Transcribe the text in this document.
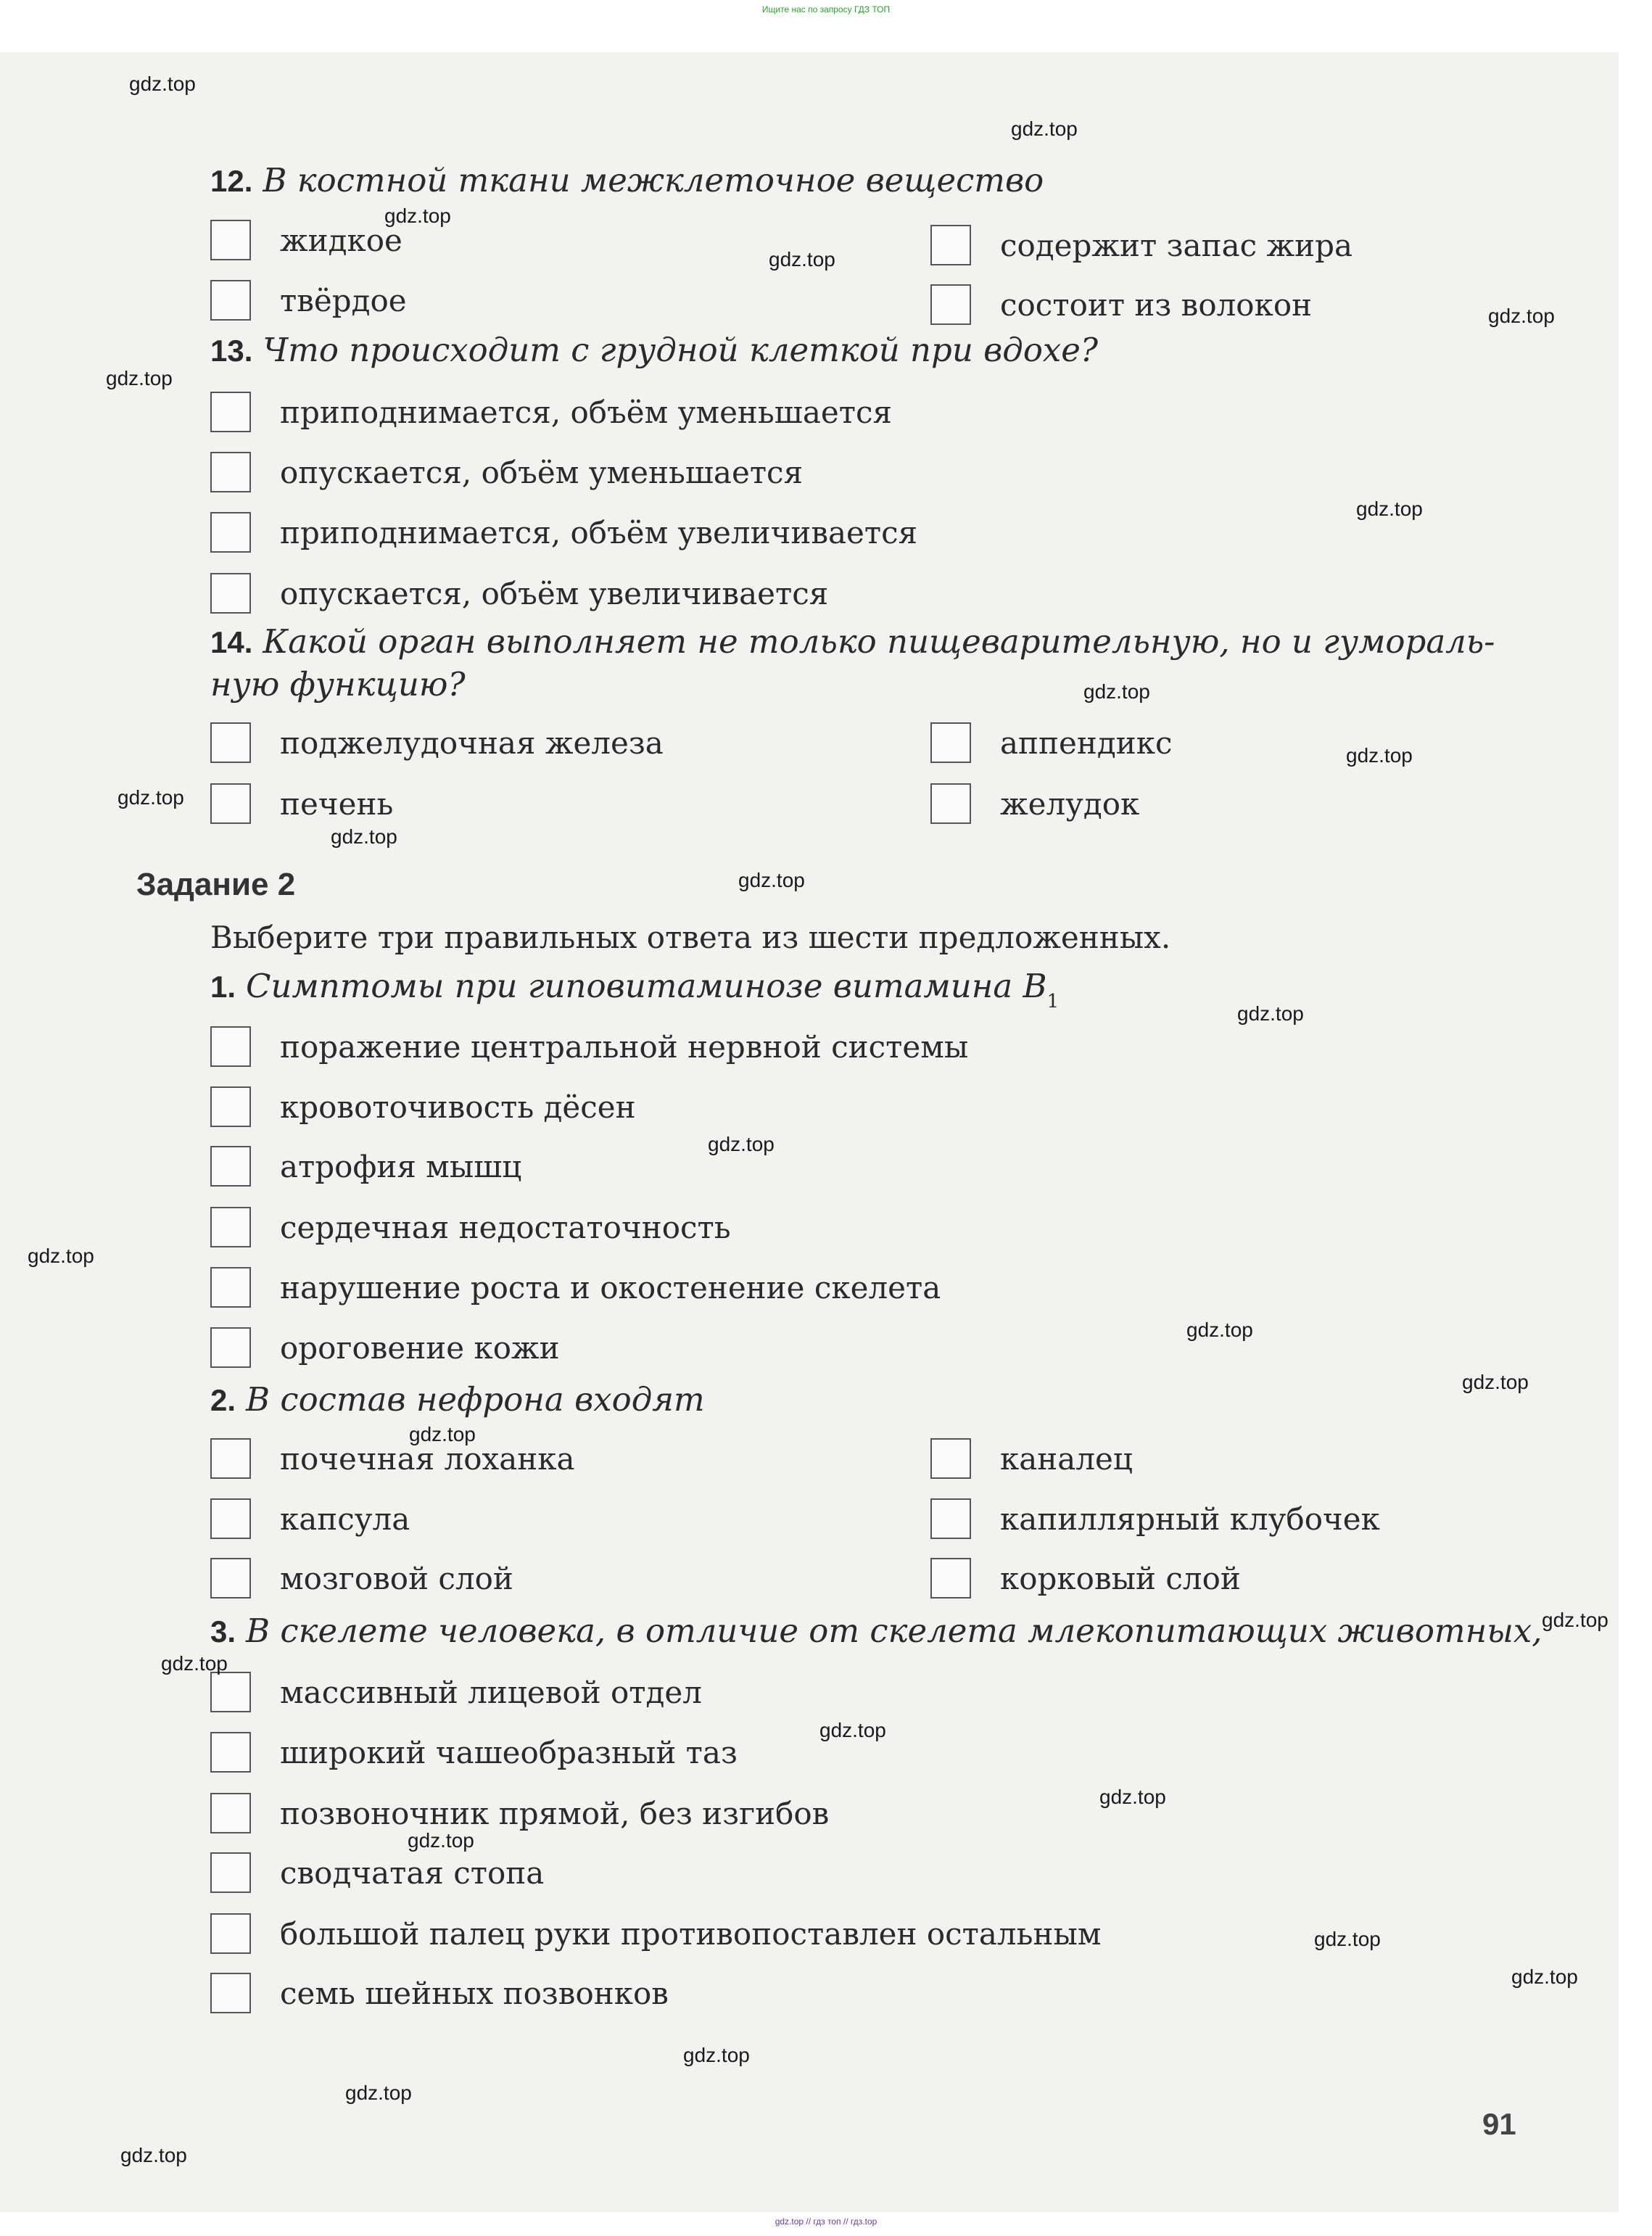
Ищите нас по запросу ГДЗ ТОП
12. В костной ткани межклеточное вещество
жидкое	содержит запас жира
твёрдое	состоит из волокон
13. Что происходит с грудной клеткой при вдохе?
приподнимается, объём уменьшается
опускается, объём уменьшается
приподнимается, объём увеличивается
опускается, объём увеличивается
14. Какой орган выполняет не только пищеварительную, но и гумораль-ную функцию?
поджелудочная железа	аппендикс
печень	желудок
Задание 2
Выберите три правильных ответа из шести предложенных.
1. Симптомы при гиповитаминозе витамина $В_1$
поражение центральной нервной системы
кровоточивость дёсен
атрофия мышц
сердечная недостаточность
нарушение роста и окостенение скелета
ороговение кожи
2. В состав нефрона входят
почечная лоханка	каналец
капсула	капиллярный клубочек
мозговой слой	корковый слой
3. В скелете человека, в отличие от скелета млекопитающих животных,
массивный лицевой отдел
широкий чашеобразный таз
позвоночник прямой, без изгибов
сводчатая стопа
большой палец руки противопоставлен остальным
семь шейных позвонков
91
gdz.top
gdz.top
gdz.top
gdz.top
gdz.top
gdz.top
gdz.top
gdz.top
gdz.top
gdz.top
gdz.top
gdz.top
gdz.top
gdz.top
gdz.top
gdz.top
gdz.top
gdz.top
gdz.top
gdz.top
gdz.top
gdz.top
gdz.top
gdz.top
gdz.top
gdz.top
gdz.top
gdz.top
gdz.top // гдз топ // гдз.top
